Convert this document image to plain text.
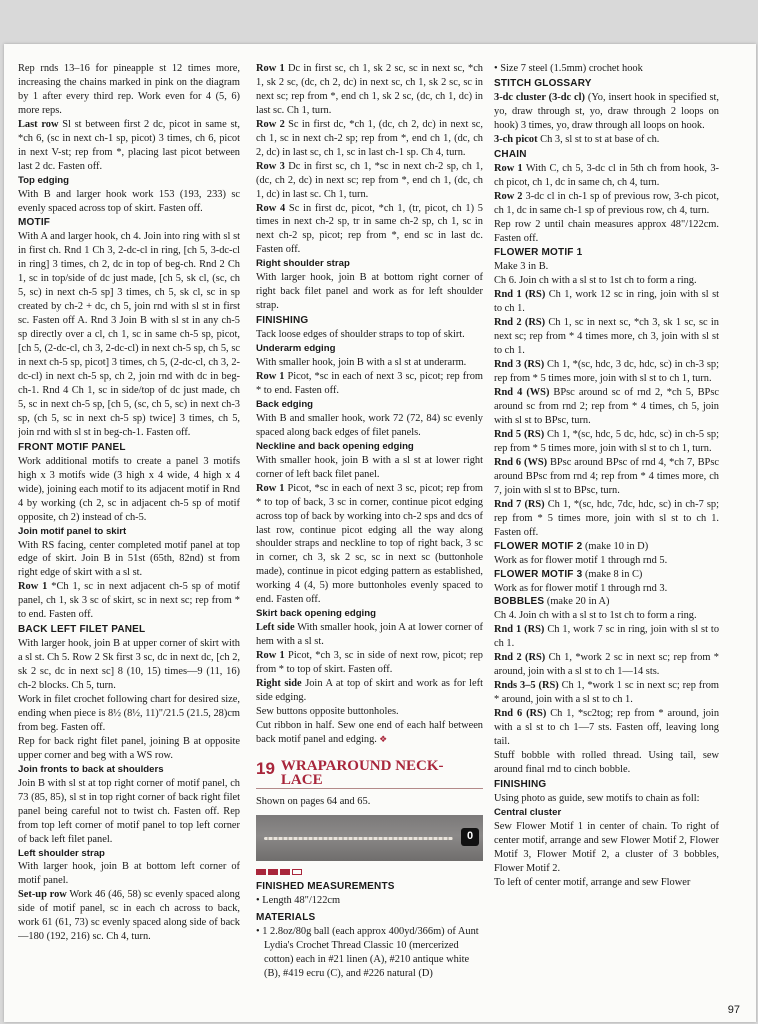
Rep rnds 13–16 for pineapple st 12 times more, increasing the chains marked in pink on the diagram by 1 after every third rep. Work even for 4 (5, 6) more reps.

Last row Sl st between first 2 dc, picot in same st, *ch 6, (sc in next ch-1 sp, picot) 3 times, ch 6, picot in next V-st; rep from *, placing last picot between last 2 dc. Fasten off.

Top edging

With B and larger hook work 153 (193, 233) sc evenly spaced across top of skirt. Fasten off.

MOTIF

With A and larger hook, ch 4. Join into ring with sl st in first ch. Rnd 1 Ch 3, 2-dc-cl in ring, [ch 5, 3-dc-cl in ring] 3 times, ch 2, dc in top of beg-ch. Rnd 2 Ch 1, sc in top/side of dc just made, [ch 5, sk cl, (sc, ch 5, sc) in next ch-5 sp] 3 times, ch 5, sk cl, sc in sp created by ch-2 + dc, ch 5, join rnd with sl st in first sc. Fasten off A. Rnd 3 Join B with sl st in any ch-5 sp directly over a cl, ch 1, sc in same ch-5 sp, picot, [ch 5, (2-dc-cl, ch 3, 2-dc-cl) in next ch-5 sp, ch 5, sc in next ch-5 sp, picot] 3 times, ch 5, (2-dc-cl, ch 3, 2-dc-cl) in next ch-5 sp, ch 2, join rnd with dc in beg-ch-1. Rnd 4 Ch 1, sc in side/top of dc just made, ch 5, sc in next ch-5 sp, [ch 5, (sc, ch 5, sc) in next ch-3 sp, (ch 5, sc in next ch-5 sp) twice] 3 times, ch 5, join rnd with sl st in beg-ch-1. Fasten off.

FRONT MOTIF PANEL

Work additional motifs to create a panel 3 motifs high x 3 motifs wide (3 high x 4 wide, 4 high x 4 wide), joining each motif to its adjacent motif in Rnd 4 by working (ch 2, sc in adjacent ch-5 sp of motif opposite, ch 2) instead of ch-5.

Join motif panel to skirt

With RS facing, center completed motif panel at top edge of skirt. Join B in 51st (65th, 82nd) st from right edge of skirt with a sl st.

Row 1 *Ch 1, sc in next adjacent ch-5 sp of motif panel, ch 1, sk 3 sc of skirt, sc in next sc; rep from * to end. Fasten off.

BACK LEFT FILET PANEL

With larger hook, join B at upper corner of skirt with a sl st. Ch 5. Row 2 Sk first 3 sc, dc in next dc, [ch 2, sk 2 sc, dc in next sc] 8 (10, 15) times—9 (11, 16) ch-2 blocks. Ch 5, turn.

Work in filet crochet following chart for desired size, ending when piece is 8½ (8½, 11)"/21.5 (21.5, 28)cm from beg. Fasten off.

Rep for back right filet panel, joining B at opposite upper corner and beg with a WS row.

Join fronts to back at shoulders

Join B with sl st at top right corner of motif panel, ch 73 (85, 85), sl st in top right corner of back right filet panel being careful not to twist ch. Fasten off. Rep from top left corner of motif panel to top left corner of back left filet panel.

Left shoulder strap

With larger hook, join B at bottom left corner of motif panel.

Set-up row Work 46 (46, 58) sc evenly spaced along side of motif panel, sc in each ch across to back, work 61 (61, 73) sc evenly spaced along side of back—180 (192, 216) sc. Ch 4, turn.

Row 1 Dc in first sc, ch 1, sk 2 sc, sc in next sc, *ch 1, sk 2 sc, (dc, ch 2, dc) in next sc, ch 1, sk 2 sc, sc in next sc; rep from *, end ch 1, sk 2 sc, (dc, ch 1, dc) in last sc. Ch 1, turn.

Row 2 Sc in first dc, *ch 1, (dc, ch 2, dc) in next sc, ch 1, sc in next ch-2 sp; rep from *, end ch 1, (dc, ch 2, dc) in last sc, ch 1, sc in last ch-1 sp. Ch 4, turn.

Row 3 Dc in first sc, ch 1, *sc in next ch-2 sp, ch 1, (dc, ch 2, dc) in next sc; rep from *, end ch 1, (dc, ch 1, dc) in last sc. Ch 1, turn.

Row 4 Sc in first dc, picot, *ch 1, (tr, picot, ch 1) 5 times in next ch-2 sp, tr in same ch-2 sp, ch 1, sc in next ch-2 sp, picot; rep from *, end sc in last dc. Fasten off.

Right shoulder strap

With larger hook, join B at bottom right corner of right back filet panel and work as for left shoulder strap.

FINISHING

Tack loose edges of shoulder straps to top of skirt.

Underarm edging

With smaller hook, join B with a sl st at underarm.

Row 1 Picot, *sc in each of next 3 sc, picot; rep from * to end. Fasten off.

Back edging

With B and smaller hook, work 72 (72, 84) sc evenly spaced along back edges of filet panels.

Neckline and back opening edging

With smaller hook, join B with a sl st at lower right corner of left back filet panel.

Row 1 Picot, *sc in each of next 3 sc, picot; rep from * to top of back, 3 sc in corner, continue picot edging across top of back by working into ch-2 sps and dcs of last row, continue picot edging all the way along shoulder straps and neckline to top of right back, 3 sc in corner, ch 3, sk 2 sc, sc in next sc (buttonhole made), continue in picot edging pattern as established, working 4 (4, 5) more buttonholes evenly spaced to end. Fasten off.

Skirt back opening edging

Left side With smaller hook, join A at lower corner of hem with a sl st.

Row 1 Picot, *ch 3, sc in side of next row, picot; rep from * to top of skirt. Fasten off.

Right side Join A at top of skirt and work as for left side edging.

Sew buttons opposite buttonholes.

Cut ribbon in half. Sew one end of each half between back motif panel and edging. ❖

19 WRAPAROUND NECK-
LACE

Shown on pages 64 and 65.

0

FINISHED MEASUREMENTS

• Length 48"/122cm

MATERIALS

• 1 2.8oz/80g ball (each approx 400yd/366m) of Aunt Lydia's Crochet Thread Classic 10 (mercerized cotton) each in #21 linen (A), #210 antique white (B), #419 ecru (C), and #226 natural (D)

• Size 7 steel (1.5mm) crochet hook

STITCH GLOSSARY

3-dc cluster (3-dc cl) (Yo, insert hook in specified st, yo, draw through st, yo, draw through 2 loops on hook) 3 times, yo, draw through all loops on hook.

3-ch picot Ch 3, sl st to st at base of ch.

CHAIN

Row 1 With C, ch 5, 3-dc cl in 5th ch from hook, 3-ch picot, ch 1, dc in same ch, ch 4, turn.

Row 2 3-dc cl in ch-1 sp of previous row, 3-ch picot, ch 1, dc in same ch-1 sp of previous row, ch 4, turn.

Rep row 2 until chain measures approx 48"/122cm. Fasten off.

FLOWER MOTIF 1

Make 3 in B.

Ch 6. Join ch with a sl st to 1st ch to form a ring.

Rnd 1 (RS) Ch 1, work 12 sc in ring, join with sl st to ch 1.

Rnd 2 (RS) Ch 1, sc in next sc, *ch 3, sk 1 sc, sc in next sc; rep from * 4 times more, ch 3, join with sl st to ch 1.

Rnd 3 (RS) Ch 1, *(sc, hdc, 3 dc, hdc, sc) in ch-3 sp; rep from * 5 times more, join with sl st to ch 1, turn.

Rnd 4 (WS) BPsc around sc of rnd 2, *ch 5, BPsc around sc from rnd 2; rep from * 4 times, ch 5, join with sl st to BPsc, turn.

Rnd 5 (RS) Ch 1, *(sc, hdc, 5 dc, hdc, sc) in ch-5 sp; rep from * 5 times more, join with sl st to ch 1, turn.

Rnd 6 (WS) BPsc around BPsc of rnd 4, *ch 7, BPsc around BPsc from rnd 4; rep from * 4 times more, ch 7, join with sl st to BPsc, turn.

Rnd 7 (RS) Ch 1, *(sc, hdc, 7dc, hdc, sc) in ch-7 sp; rep from * 5 times more, join with sl st to ch 1. Fasten off.

FLOWER MOTIF 2 (make 10 in D)

Work as for flower motif 1 through rnd 5.

FLOWER MOTIF 3 (make 8 in C)

Work as for flower motif 1 through rnd 3.

BOBBLES (make 20 in A)

Ch 4. Join ch with a sl st to 1st ch to form a ring.

Rnd 1 (RS) Ch 1, work 7 sc in ring, join with sl st to ch 1.

Rnd 2 (RS) Ch 1, *work 2 sc in next sc; rep from * around, join with a sl st to ch 1—14 sts.

Rnds 3–5 (RS) Ch 1, *work 1 sc in next sc; rep from * around, join with a sl st to ch 1.

Rnd 6 (RS) Ch 1, *sc2tog; rep from * around, join with a sl st to ch 1—7 sts. Fasten off, leaving long tail.

Stuff bobble with rolled thread. Using tail, sew around final rnd to cinch bobble.

FINISHING

Using photo as guide, sew motifs to chain as foll:

Central cluster

Sew Flower Motif 1 in center of chain. To right of center motif, arrange and sew Flower Motif 2, Flower Motif 3, Flower Motif 2, a cluster of 3 bobbles, Flower Motif 2.

To left of center motif, arrange and sew Flower

97
